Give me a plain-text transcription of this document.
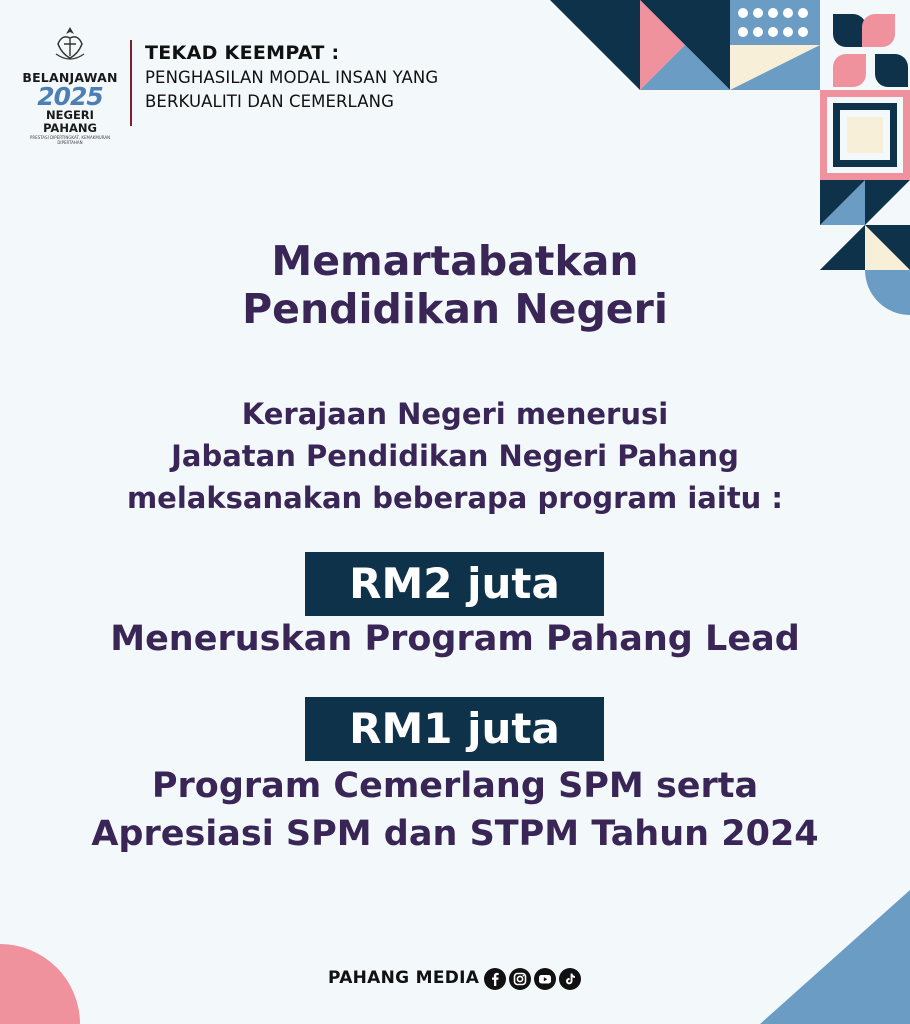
BELANJAWAN
2025
NEGERI PAHANG
PRESTASI DIPERTINGKAT, KEMAKMURAN DIPERTAHAN
TEKAD KEEMPAT :
PENGHASILAN MODAL INSAN YANG
BERKUALITI DAN CEMERLANG
Memartabatkan
Pendidikan Negeri
Kerajaan Negeri menerusi
Jabatan Pendidikan Negeri Pahang
melaksanakan beberapa program iaitu :
RM2 juta
Meneruskan Program Pahang Lead
RM1 juta
Program Cemerlang SPM serta
Apresiasi SPM dan STPM Tahun 2024
PAHANG MEDIA
